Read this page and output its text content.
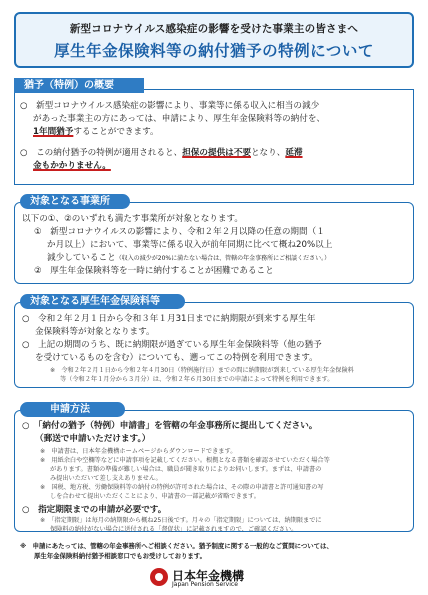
新型コロナウイルス感染症の影響を受けた事業主の皆さまへ
厚生年金保険料等の納付猶予の特例について
猶予（特例）の概要
○　新型コロナウイルス感染症の影響により、事業等に係る収入に相当の減少
があった事業主の方にあっては、申請により、厚生年金保険料等の納付を、
1年間猶予することができます。
○　この納付猶予の特例が適用されると、担保の提供は不要となり、延滞
金もかかりません。
対象となる事業所
以下の①、②のいずれも満たす事業所が対象となります。
①　新型コロナウイルスの影響により、令和２年２月以降の任意の期間（１
か月以上）において、事業等に係る収入が前年同期に比べて概ね20%以上
減少していること（収入の減少が20%に満たない場合は、管轄の年金事務所にご相談ください。）
②　厚生年金保険料等を一時に納付することが困難であること
対象となる厚生年金保険料等
○　令和２年２月１日から令和３年１月31日までに納期限が到来する厚生年
金保険料等が対象となります。
○　上記の期間のうち、既に納期限が過ぎている厚生年金保険料等（他の猶予
を受けているものを含む）についても、遡ってこの特例を利用できます。
※　令和２年２月１日から令和２年４月30日（特例施行日）までの間に納期限が到来している厚生年金保険料
等（令和２年１月分から３月分）は、令和２年６月30日までの申請によって特例を利用できます。
申請方法
○　「納付の猶予（特例）申請書」を管轄の年金事務所に提出してください。
（郵送で申請いただけます。）
※　申請書は、日本年金機構ホームページからダウンロードできます。
※　用紙余白や空欄等などに申請事項を記載してください。根拠となる書類を確認させていただく場合等
があります。書類の準備が難しい場合は、職員が聞き取りによりお伺いします。まずは、申請書の
み提出いただいて差し支えありません。
※　国税、地方税、労働保険料等の納付の特例が許可された場合は、その際の申請書と許可通知書の写
しを合わせて提出いただくことにより、申請書の一部記載が省略できます。
○　指定期限までの申請が必要です。
※　「指定期限」は毎月の納期限から概ね25日後です。月々の「指定期限」については、納期限までに
保険料の納付がない場合に送付される「督促状」に記載されますので、ご確認ください。
※　申請にあたっては、管轄の年金事務所へご相談ください。猶予制度に関する一般的なご質問については、
厚生年金保険料納付猶予相談窓口でもお受けしております。
日本年金機構
Japan Pension Service
